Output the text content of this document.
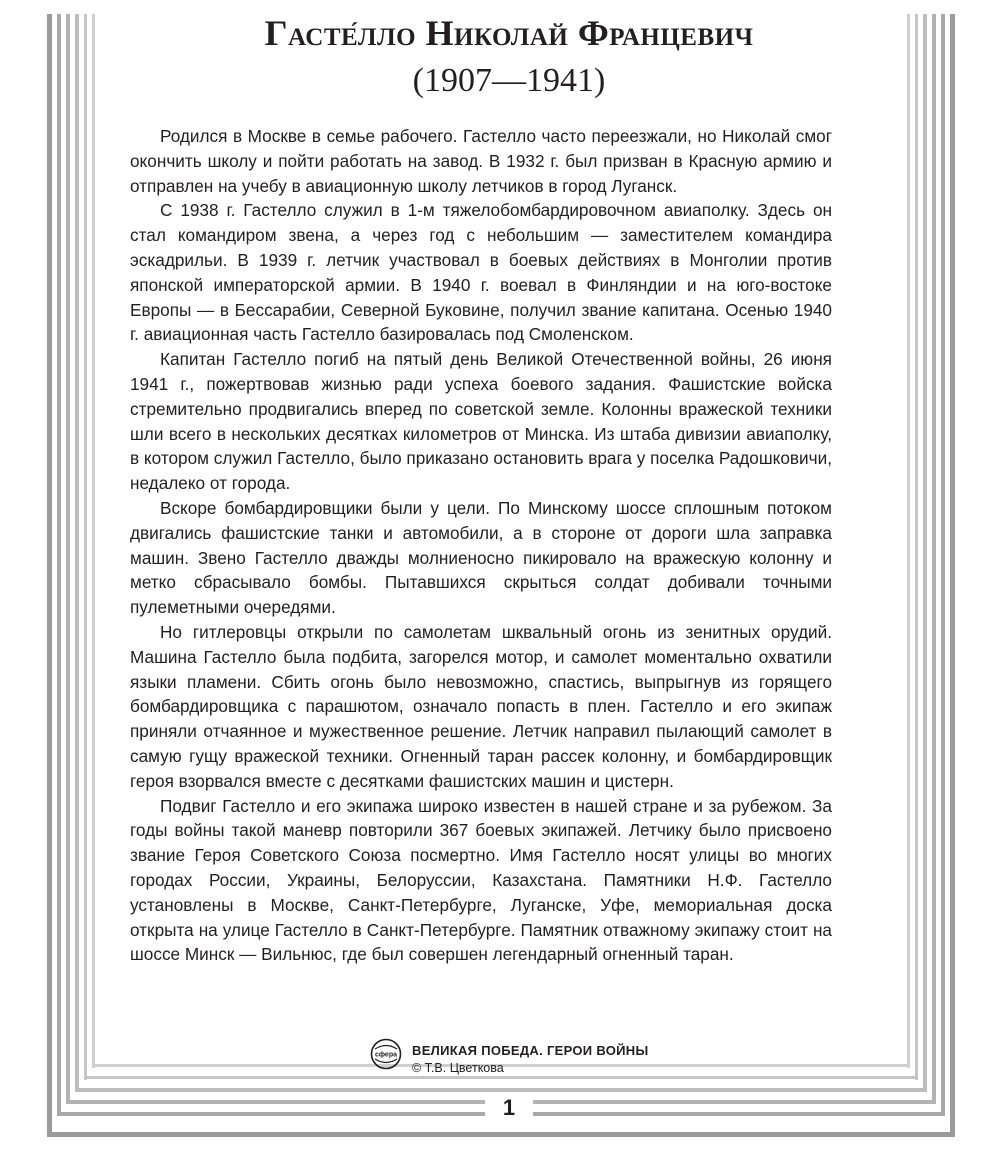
Гасте́лло Николай Францевич
(1907—1941)

Родился в Москве в семье рабочего. Гастелло часто переезжали, но Николай смог окончить школу и пойти работать на завод. В 1932 г. был призван в Красную армию и отправлен на учебу в авиационную школу летчиков в город Луганск.

С 1938 г. Гастелло служил в 1-м тяжелобомбардировочном авиаполку. Здесь он стал командиром звена, а через год с небольшим — заместителем командира эскадрильи. В 1939 г. летчик участвовал в боевых действиях в Монголии против японской императорской армии. В 1940 г. воевал в Финляндии и на юго-востоке Европы — в Бессарабии, Северной Буковине, получил звание капитана. Осенью 1940 г. авиационная часть Гастелло базировалась под Смоленском.

Капитан Гастелло погиб на пятый день Великой Отечественной войны, 26 июня 1941 г., пожертвовав жизнью ради успеха боевого задания. Фашистские войска стремительно продвигались вперед по советской земле. Колонны вражеской техники шли всего в нескольких десятках километров от Минска. Из штаба дивизии авиаполку, в котором служил Гастелло, было приказано остановить врага у поселка Радошковичи, недалеко от города.

Вскоре бомбардировщики были у цели. По Минскому шоссе сплошным потоком двигались фашистские танки и автомобили, а в стороне от дороги шла заправка машин. Звено Гастелло дважды молниеносно пикировало на вражескую колонну и метко сбрасывало бомбы. Пытавшихся скрыться солдат добивали точными пулеметными очередями.

Но гитлеровцы открыли по самолетам шквальный огонь из зенитных орудий. Машина Гастелло была подбита, загорелся мотор, и самолет моментально охватили языки пламени. Сбить огонь было невозможно, спастись, выпрыгнув из горящего бомбардировщика с парашютом, означало попасть в плен. Гастелло и его экипаж приняли отчаянное и мужественное решение. Летчик направил пылающий самолет в самую гущу вражеской техники. Огненный таран рассек колонну, и бомбардировщик героя взорвался вместе с десятками фашистских машин и цистерн.

Подвиг Гастелло и его экипажа широко известен в нашей стране и за рубежом. За годы войны такой маневр повторили 367 боевых экипажей. Летчику было присвоено звание Героя Советского Союза посмертно. Имя Гастелло носят улицы во многих городах России, Украины, Белоруссии, Казахстана. Памятники Н.Ф. Гастелло установлены в Москве, Санкт-Петербурге, Луганске, Уфе, мемориальная доска открыта на улице Гастелло в Санкт-Петербурге. Памятник отважному экипажу стоит на шоссе Минск — Вильнюс, где был совершен легендарный огненный таран.

сфера ВЕЛИКАЯ ПОБЕДА. ГЕРОИ ВОЙНЫ
© Т.В. Цветкова
1
